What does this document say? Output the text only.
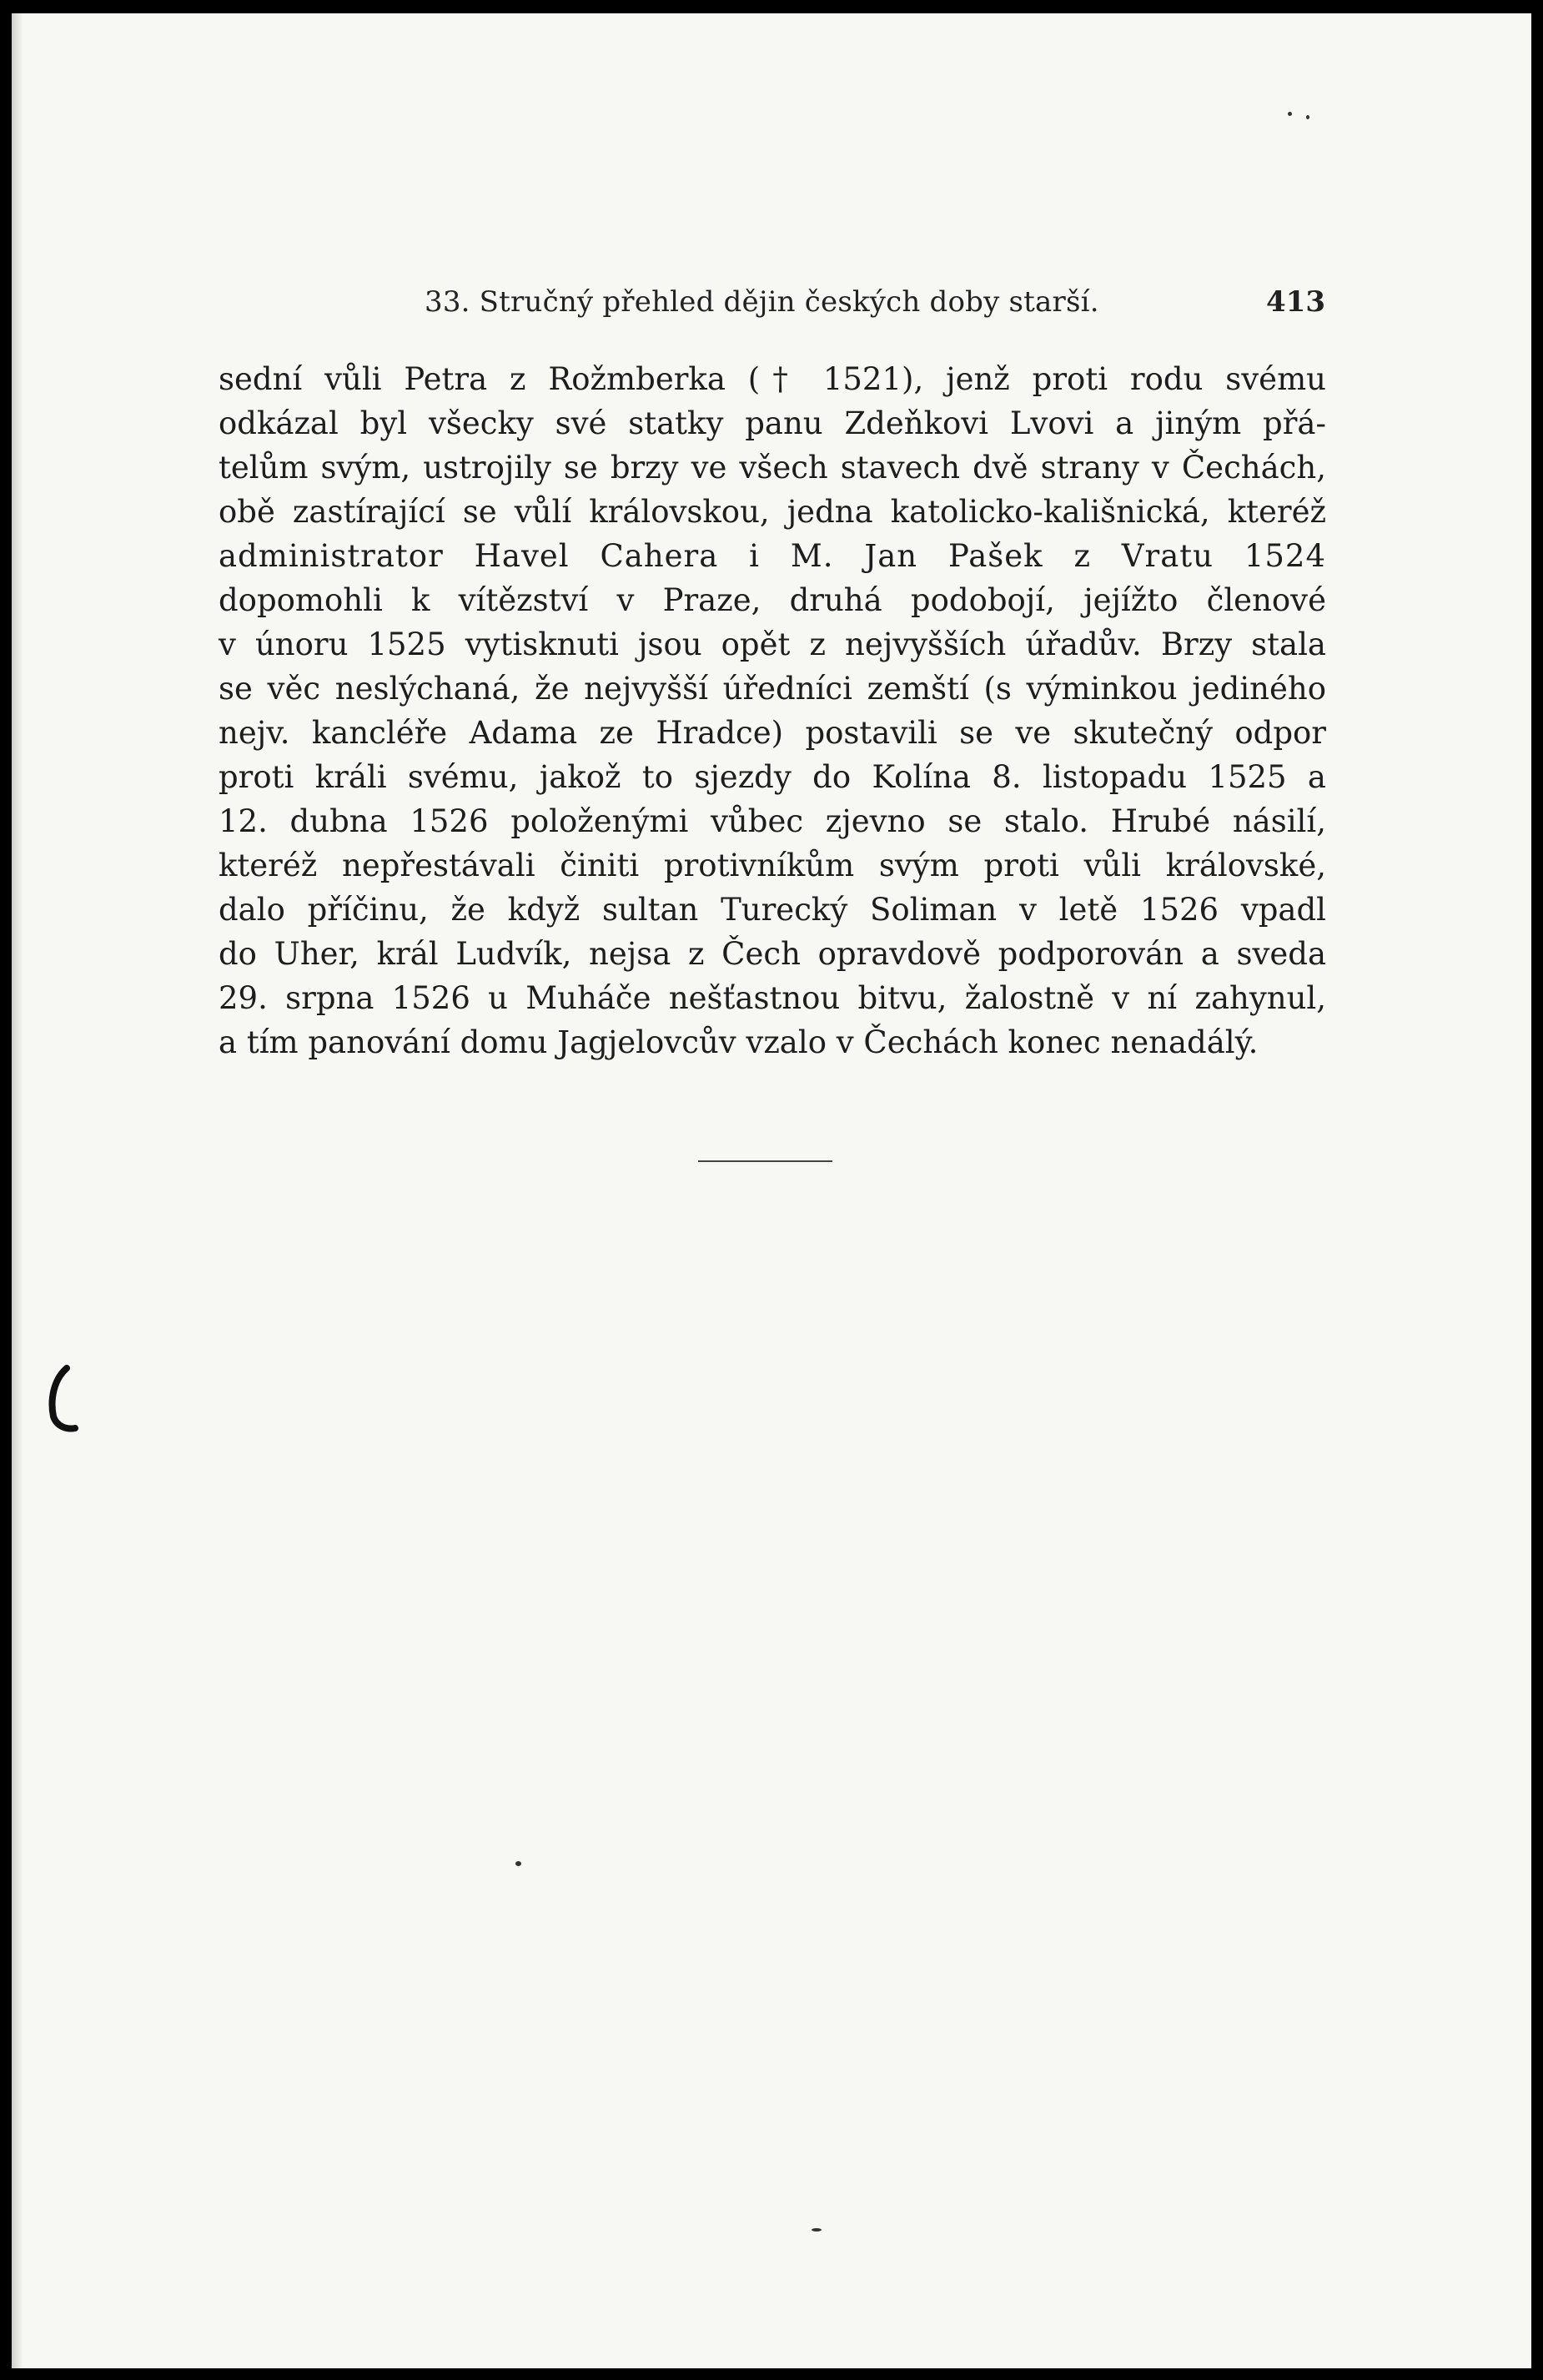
33. Stručný přehled dějin českých doby starší.	413
sední vůli Petra z Rožmberka († 1521), jenž proti rodu svému
odkázal byl všecky své statky panu Zdeňkovi Lvovi a jiným přá-
telům svým, ustrojily se brzy ve všech stavech dvě strany v Čechách,
obě zastírající se vůlí královskou, jedna katolicko-kališnická, kteréž
administrator Havel Cahera i M. Jan Pašek z Vratu 1524
dopomohli k vítězství v Praze, druhá podobojí, jejížto členové
v únoru 1525 vytisknuti jsou opět z nejvyšších úřadův. Brzy stala
se věc neslýchaná, že nejvyšší úředníci zemští (s výminkou jediného
nejv. kancléře Adama ze Hradce) postavili se ve skutečný odpor
proti králi svému, jakož to sjezdy do Kolína 8. listopadu 1525 a
12. dubna 1526 položenými vůbec zjevno se stalo. Hrubé násilí,
kteréž nepřestávali činiti protivníkům svým proti vůli královské,
dalo příčinu, že když sultan Turecký Soliman v letě 1526 vpadl
do Uher, král Ludvík, nejsa z Čech opravdově podporován a sveda
29. srpna 1526 u Muháče nešťastnou bitvu, žalostně v ní zahynul,
a tím panování domu Jagjelovcův vzalo v Čechách konec nenadálý.
